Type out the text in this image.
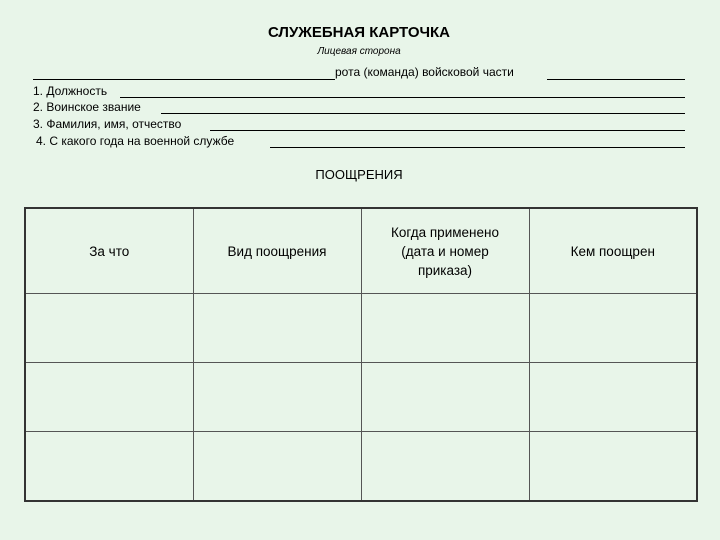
СЛУЖЕБНАЯ КАРТОЧКА
Лицевая сторона
рота (команда) войсковой части
1. Должность
2. Воинское звание
3. Фамилия, имя, отчество
4. С какого года на военной службе
ПООЩРЕНИЯ
За что	Вид поощрения	Когда применено (дата и номер приказа)	Кем поощрен
